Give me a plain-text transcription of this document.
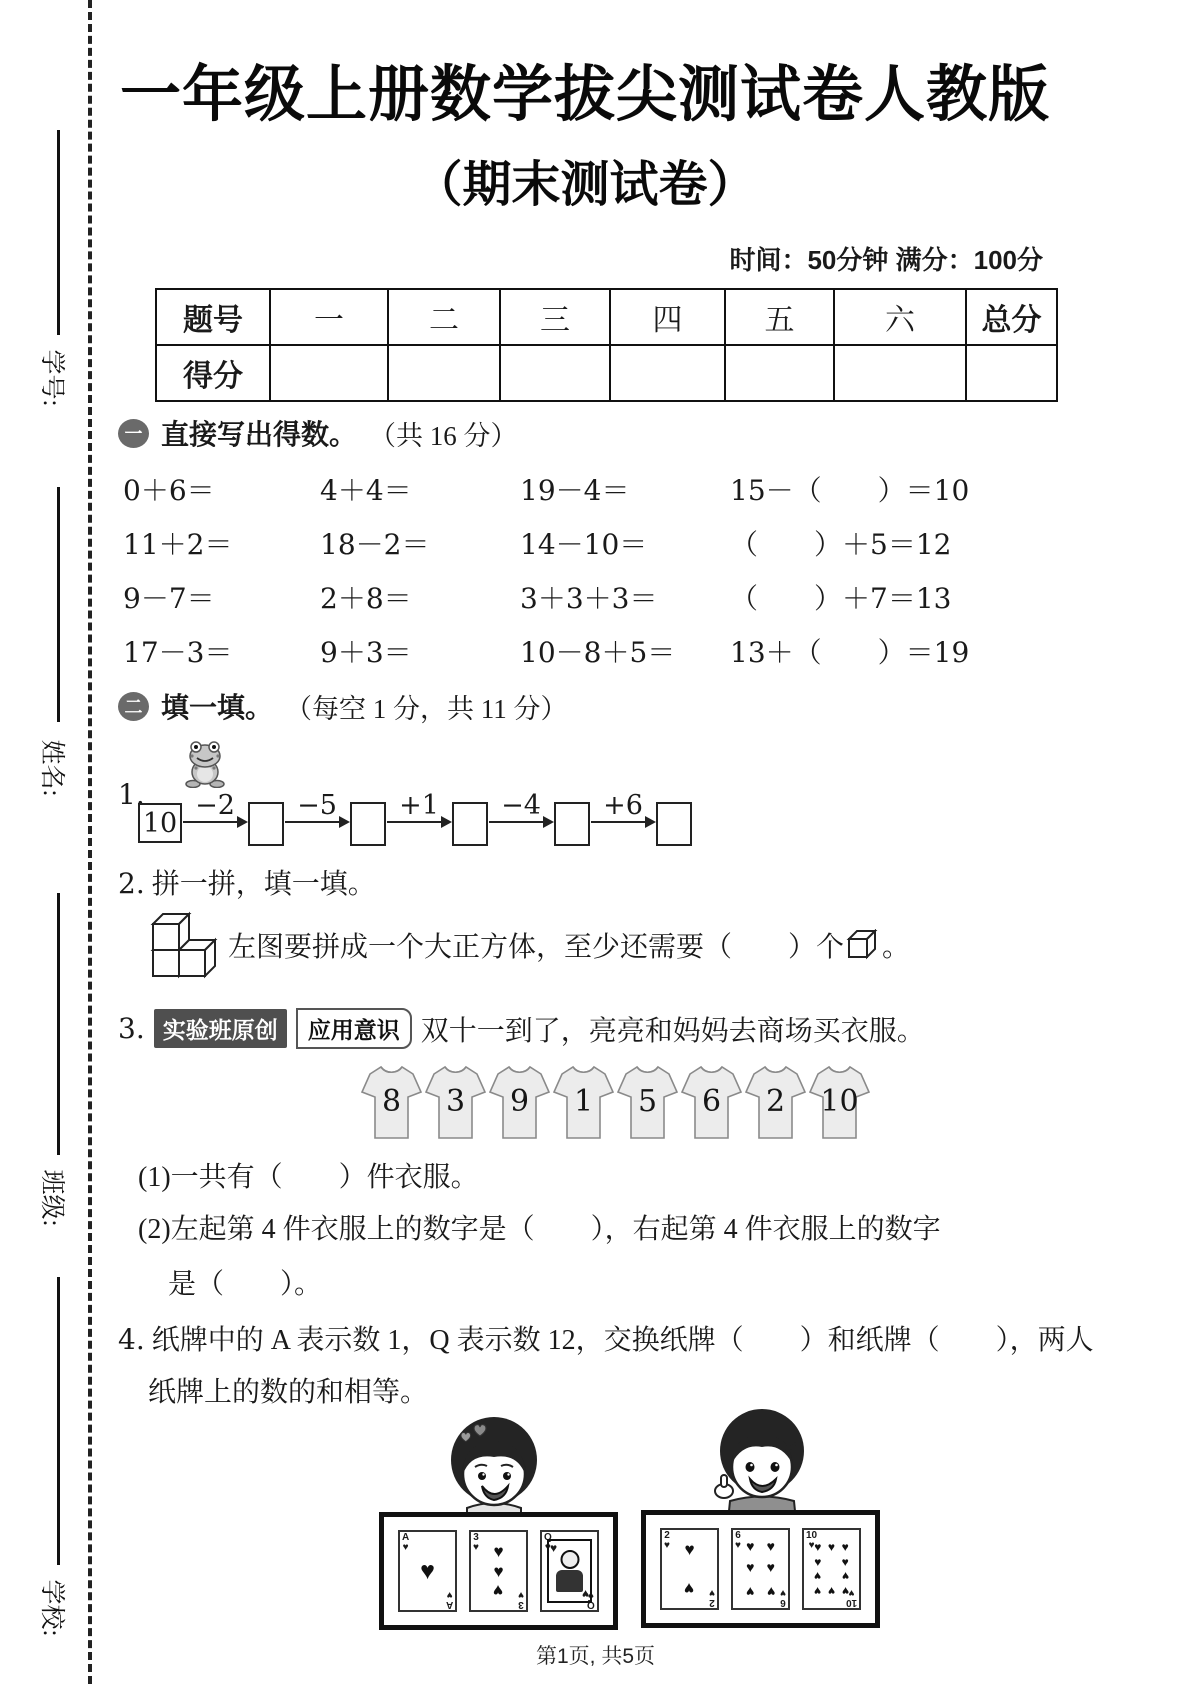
学号:
姓名:
班级:
学校:
一年级上册数学拔尖测试卷人教版
（期末测试卷）
时间：50分钟 满分：100分
题号	一	二	三	四	五	六	总分
得分							
一 直接写出得数。 （共 16 分）
0＋6＝	4＋4＝	19－4＝	15－（　　）＝10
11＋2＝	18－2＝	14－10＝	（　　）＋5＝12
9－7＝	2＋8＝	3＋3＋3＝	（　　）＋7＝13
17－3＝	9＋3＝	10－8＋5＝	13＋（　　）＝19
二 填一填。 （每空 1 分，共 11 分）
1.
10
−2 −5 +1 −4 +6
2. 拼一拼，填一填。
左图要拼成一个大正方体，至少还需要（　　）个 。
3. 实验班原创	应用意识 双十一到了，亮亮和妈妈去商场买衣服。
8	3	9	1	5	6	2	10
(1)一共有（　　）件衣服。
(2)左起第 4 件衣服上的数字是（　　），右起第 4 件衣服上的数字
是（　　）。
4. 纸牌中的 A 表示数 1，Q 表示数 12，交换纸牌（　　）和纸牌（　　），两人
纸牌上的数的和相等。
A
♥
A
♥
♥
3
♥
3
♥
♥
♥
♥
Q
♥
Q
♥
♥
♥
2
♥
2
♥
♥
♥
6
♥
6
♥
♥
♥
♥
♥
♥
♥
10
♥
10
♥
♥
♥
♥
♥
♥
♥
♥
♥
♥
♥
第1页, 共5页
